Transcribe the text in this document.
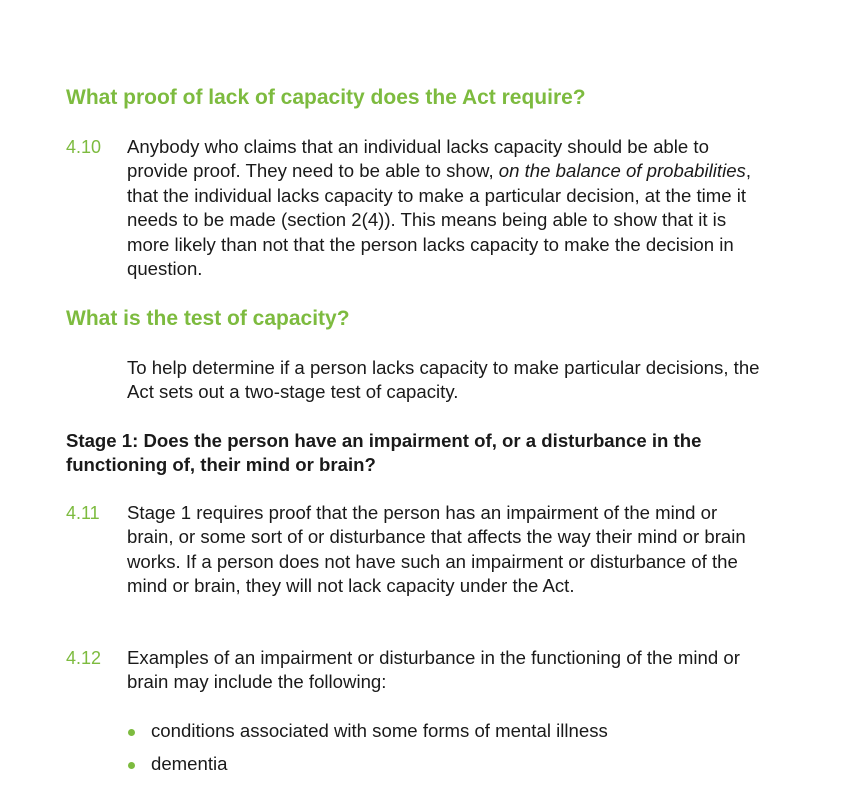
What proof of lack of capacity does the Act require?
4.10 Anybody who claims that an individual lacks capacity should be able to provide proof. They need to be able to show, on the balance of probabilities, that the individual lacks capacity to make a particular decision, at the time it needs to be made (section 2(4)). This means being able to show that it is more likely than not that the person lacks capacity to make the decision in question.

What is the test of capacity?

To help determine if a person lacks capacity to make particular decisions, the Act sets out a two-stage test of capacity.

Stage 1: Does the person have an impairment of, or a disturbance in the functioning of, their mind or brain?

4.11 Stage 1 requires proof that the person has an impairment of the mind or brain, or some sort of or disturbance that affects the way their mind or brain works. If a person does not have such an impairment or disturbance of the mind or brain, they will not lack capacity under the Act.

4.12 Examples of an impairment or disturbance in the functioning of the mind or brain may include the following:

conditions associated with some forms of mental illness
dementia
